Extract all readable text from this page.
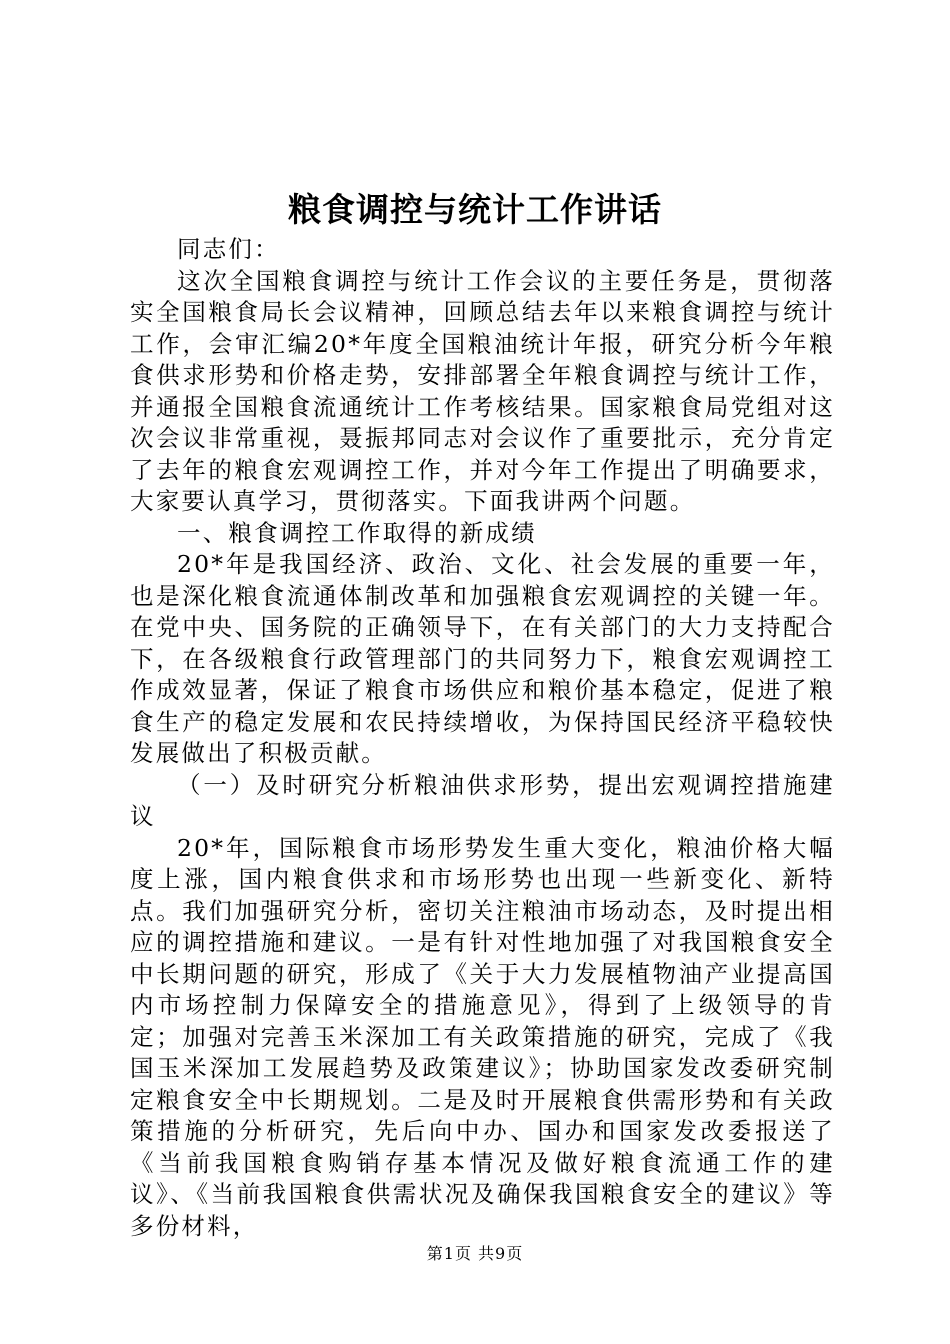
粮食调控与统计工作讲话

同志们：

这次全国粮食调控与统计工作会议的主要任务是，贯彻落实全国粮食局长会议精神，回顾总结去年以来粮食调控与统计工作，会审汇编20*年度全国粮油统计年报，研究分析今年粮食供求形势和价格走势，安排部署全年粮食调控与统计工作，并通报全国粮食流通统计工作考核结果。国家粮食局党组对这次会议非常重视，聂振邦同志对会议作了重要批示，充分肯定了去年的粮食宏观调控工作，并对今年工作提出了明确要求，大家要认真学习，贯彻落实。下面我讲两个问题。

一、粮食调控工作取得的新成绩

20*年是我国经济、政治、文化、社会发展的重要一年，也是深化粮食流通体制改革和加强粮食宏观调控的关键一年。在党中央、国务院的正确领导下，在有关部门的大力支持配合下，在各级粮食行政管理部门的共同努力下，粮食宏观调控工作成效显著，保证了粮食市场供应和粮价基本稳定，促进了粮食生产的稳定发展和农民持续增收，为保持国民经济平稳较快发展做出了积极贡献。

（一）及时研究分析粮油供求形势，提出宏观调控措施建议

20*年，国际粮食市场形势发生重大变化，粮油价格大幅度上涨，国内粮食供求和市场形势也出现一些新变化、新特点。我们加强研究分析，密切关注粮油市场动态，及时提出相应的调控措施和建议。一是有针对性地加强了对我国粮食安全中长期问题的研究，形成了《关于大力发展植物油产业提高国内市场控制力保障安全的措施意见》，得到了上级领导的肯定；加强对完善玉米深加工有关政策措施的研究，完成了《我国玉米深加工发展趋势及政策建议》；协助国家发改委研究制定粮食安全中长期规划。二是及时开展粮食供需形势和有关政策措施的分析研究，先后向中办、国办和国家发改委报送了《当前我国粮食购销存基本情况及做好粮食流通工作的建议》、《当前我国粮食供需状况及确保我国粮食安全的建议》等多份材料，

第1页 共9页
